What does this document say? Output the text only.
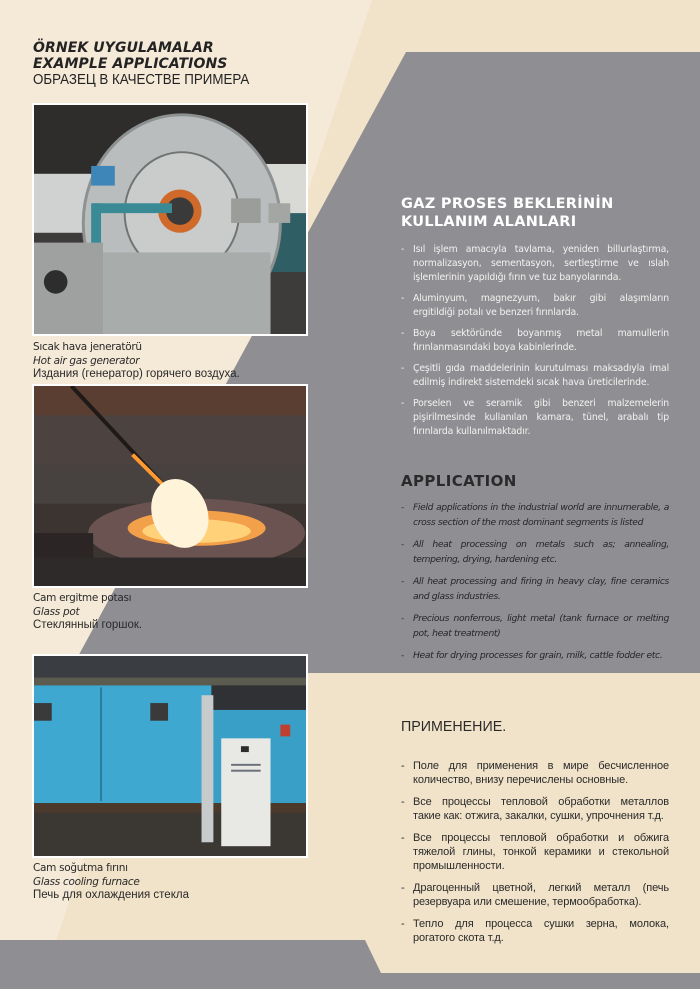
ÖRNEK UYGULAMALAR
EXAMPLE APPLICATIONS
ОБРАЗЕЦ В КАЧЕСТВЕ ПРИМЕРА
Sıcak hava jeneratörü
Hot air gas generator
Издания (генератор) горячего воздуха.
Cam ergitme potası
Glass pot
Стеклянный горшок.
Cam soğutma fırını
Glass cooling furnace
Печь для охлаждения стекла
GAZ PROSES BEKLERİNİN
KULLANIM ALANLARI
- Isıl işlem amacıyla tavlama, yeniden billurlaştırma, normalizasyon, sementasyon, sertleştirme ve ıslah işlemlerinin yapıldığı fırın ve tuz banyolarında.
- Aluminyum, magnezyum, bakır gibi alaşımların ergitildiği potalı ve benzeri fırınlarda.
- Boya sektöründe boyanmış metal mamullerin fırınlanmasındaki boya kabinlerinde.
- Çeşitli gıda maddelerinin kurutulması maksadıyla imal edilmiş indirekt sistemdeki sıcak hava üreticilerinde.
- Porselen ve seramik gibi benzeri malzemelerin pişirilmesinde kullanılan kamara, tünel, arabalı tip fırınlarda kullanılmaktadır.
APPLICATION
- Field applications in the industrial world are innumerable, a cross section of the most dominant segments is listed
- All heat processing on metals such as; annealing, tempering, drying, hardening etc.
- All heat processing and firing in heavy clay, fine ceramics and glass industries.
- Precious nonferrous, light metal (tank furnace or melting pot, heat treatment)
- Heat for drying processes for grain, milk, cattle fodder etc.
ПРИМЕНЕНИЕ.
- Поле для применения в мире бесчисленное количество, внизу перечислены основные.
- Все процессы тепловой обработки металлов такие как: отжига, закалки, сушки, упрочнения т.д.
- Все процессы тепловой обработки и обжига тяжелой глины, тонкой керамики и стекольной промышленности.
- Драгоценный цветной, легкий металл (печь резервуара или смешение, термообработка).
- Тепло для процесса сушки зерна, молока, рогатого скота т.д.
